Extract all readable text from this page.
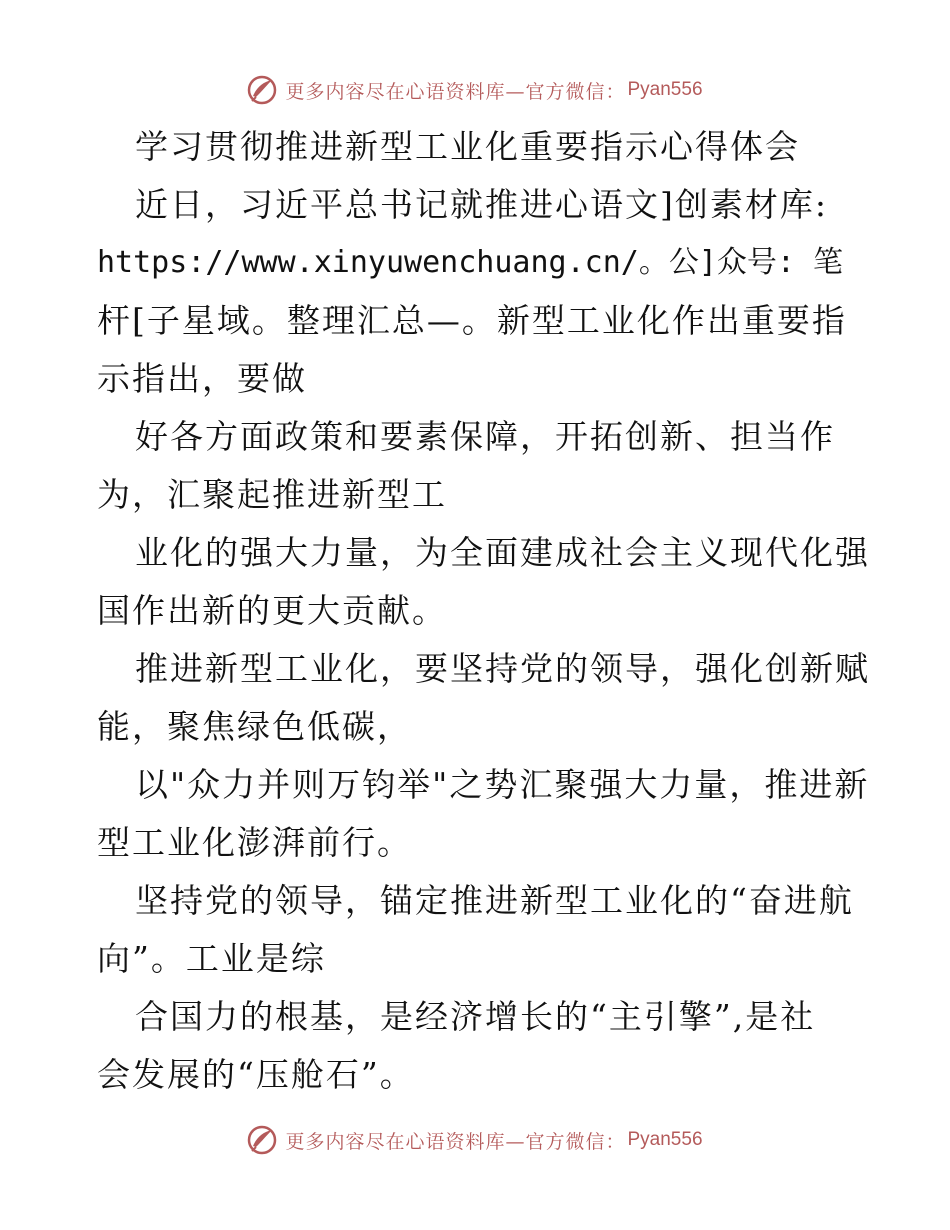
更多内容尽在心语资料库—官方微信： Pyan556
学习贯彻推进新型工业化重要指示心得体会
近日，习近平总书记就推进心语文]创素材库:
https://www.xinyuwenchuang.cn/。公]众号: 笔
杆[子星域。整理汇总—。新型工业化作出重要指
示指出，要做
好各方面政策和要素保障，开拓创新、担当作
为，汇聚起推进新型工
业化的强大力量，为全面建成社会主义现代化强
国作出新的更大贡献。
推进新型工业化，要坚持党的领导，强化创新赋
能，聚焦绿色低碳，
以"众力并则万钧举"之势汇聚强大力量，推进新
型工业化澎湃前行。
坚持党的领导，锚定推进新型工业化的“奋进航
向”。工业是综
合国力的根基，是经济增长的“主引擎”,是社
会发展的“压舱石”。
更多内容尽在心语资料库—官方微信： Pyan556
